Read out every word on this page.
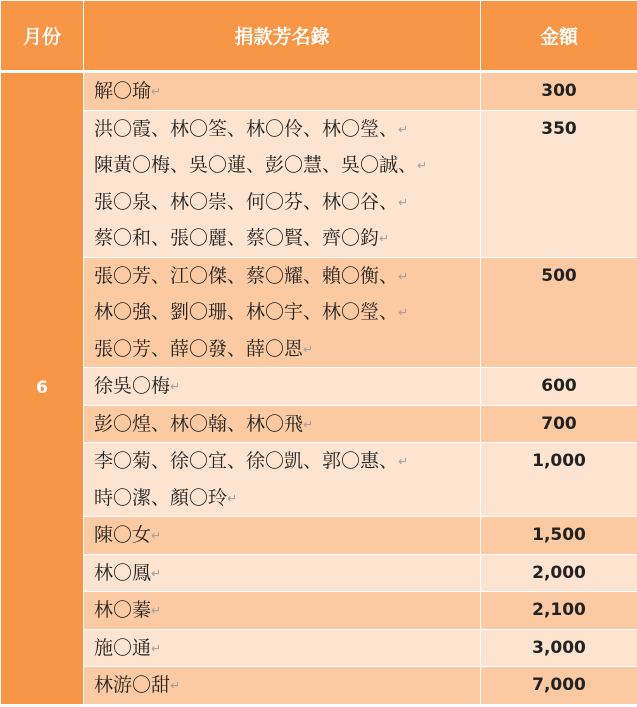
月份	捐款芳名錄	金額
6	解〇瑜↵	300

	洪〇霞、林〇筌、林〇伶、林〇瑩、↵
陳黃〇梅、吳〇蓮、彭〇慧、吳〇誠、↵
張〇泉、林〇崇、何〇芬、林〇谷、↵
蔡〇和、張〇麗、蔡〇賢、齊〇鈞↵	350

	張〇芳、江〇傑、蔡〇耀、賴〇衡、↵
林〇強、劉〇珊、林〇宇、林〇瑩、↵
張〇芳、薛〇發、薛〇恩↵	500

	徐吳〇梅↵	600

	彭〇煌、林〇翰、林〇飛↵	700

	李〇菊、徐〇宜、徐〇凱、郭〇惠、↵
時〇潔、顏〇玲↵	1,000

	陳〇女↵	1,500

	林〇鳳↵	2,000

	林〇蓁↵	2,100

	施〇通↵	3,000

	林游〇甜↵	7,000
